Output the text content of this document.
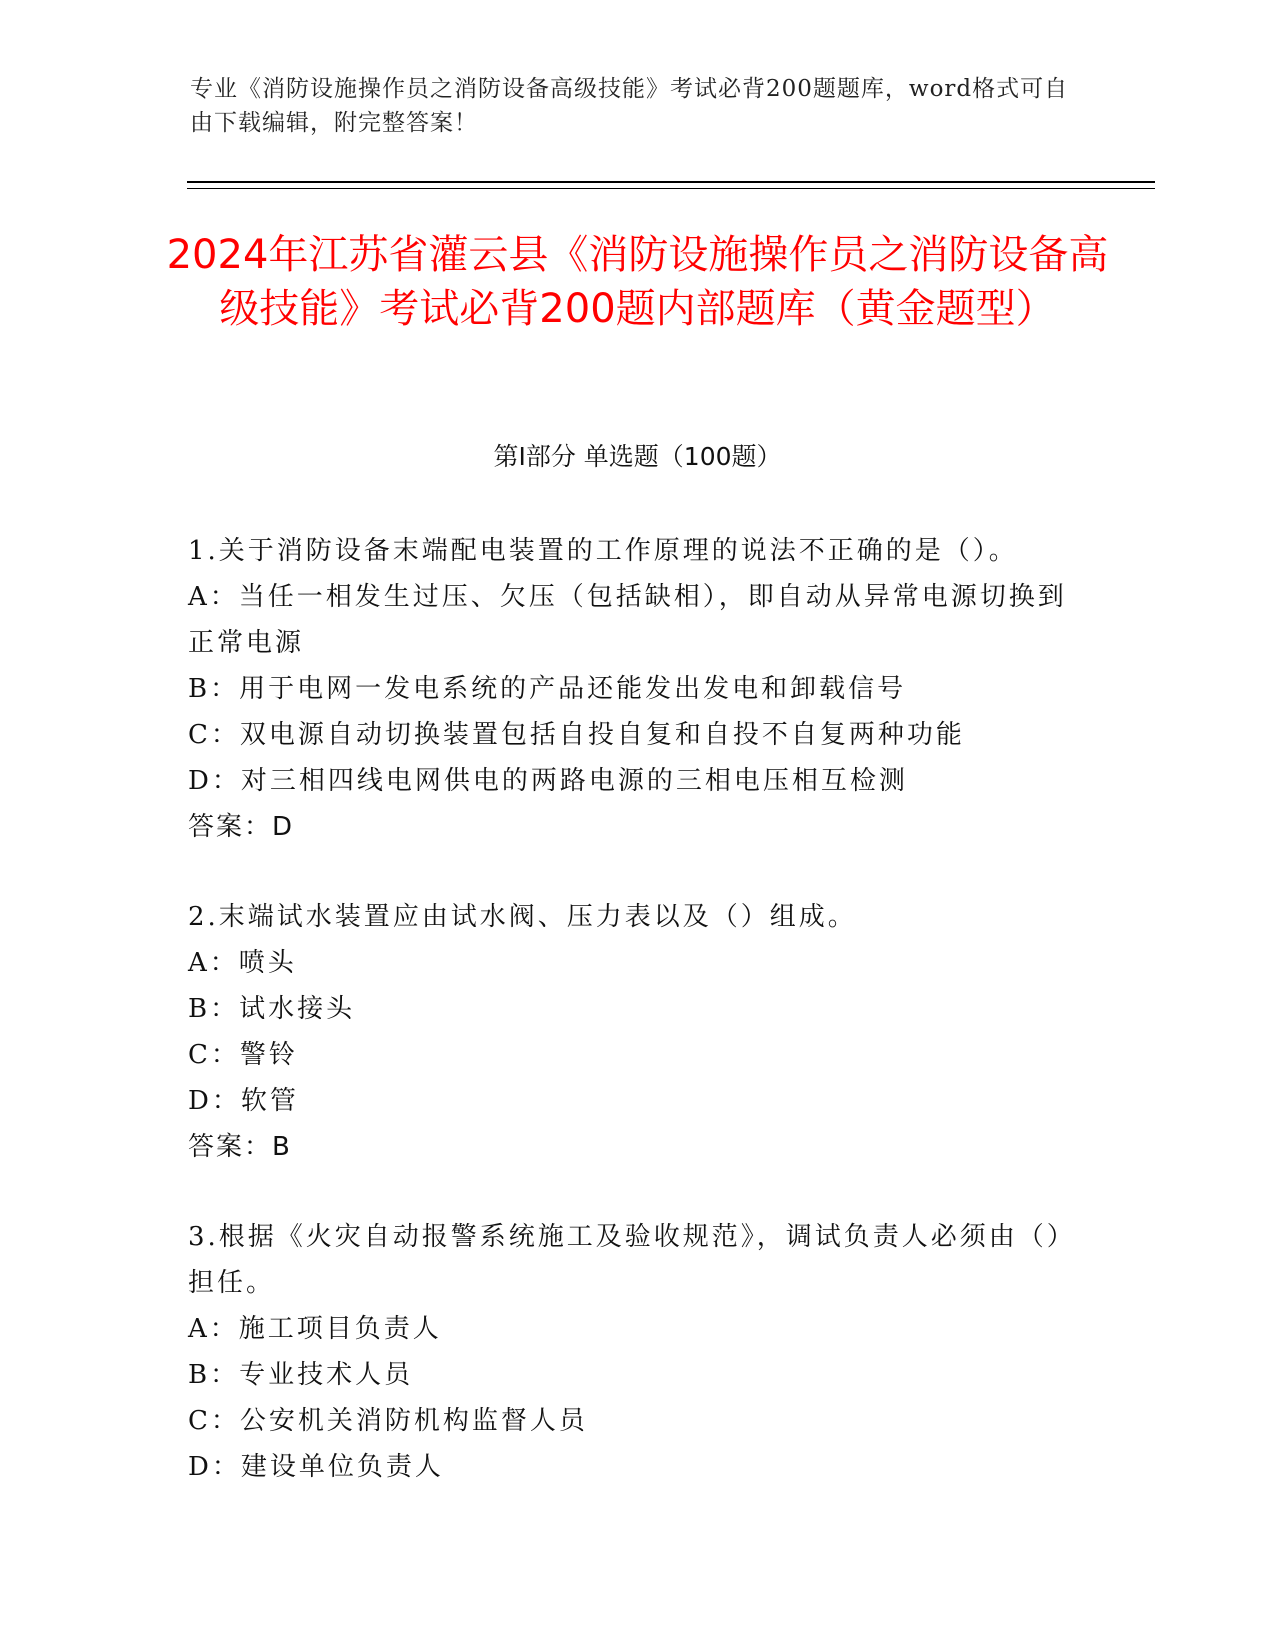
专业《消防设施操作员之消防设备高级技能》考试必背200题题库，word格式可自由下载编辑，附完整答案！
2024年江苏省灌云县《消防设施操作员之消防设备高级技能》考试必背200题内部题库（黄金题型）
第Ⅰ部分 单选题（100题）
1.关于消防设备末端配电装置的工作原理的说法不正确的是（）。
A：当任一相发生过压、欠压（包括缺相），即自动从异常电源切换到正常电源
B：用于电网一发电系统的产品还能发出发电和卸载信号
C：双电源自动切换装置包括自投自复和自投不自复两种功能
D：对三相四线电网供电的两路电源的三相电压相互检测
答案：D
2.末端试水装置应由试水阀、压力表以及（）组成。
A：喷头
B：试水接头
C：警铃
D：软管
答案：B
3.根据《火灾自动报警系统施工及验收规范》，调试负责人必须由（）担任。
A：施工项目负责人
B：专业技术人员
C：公安机关消防机构监督人员
D：建设单位负责人
